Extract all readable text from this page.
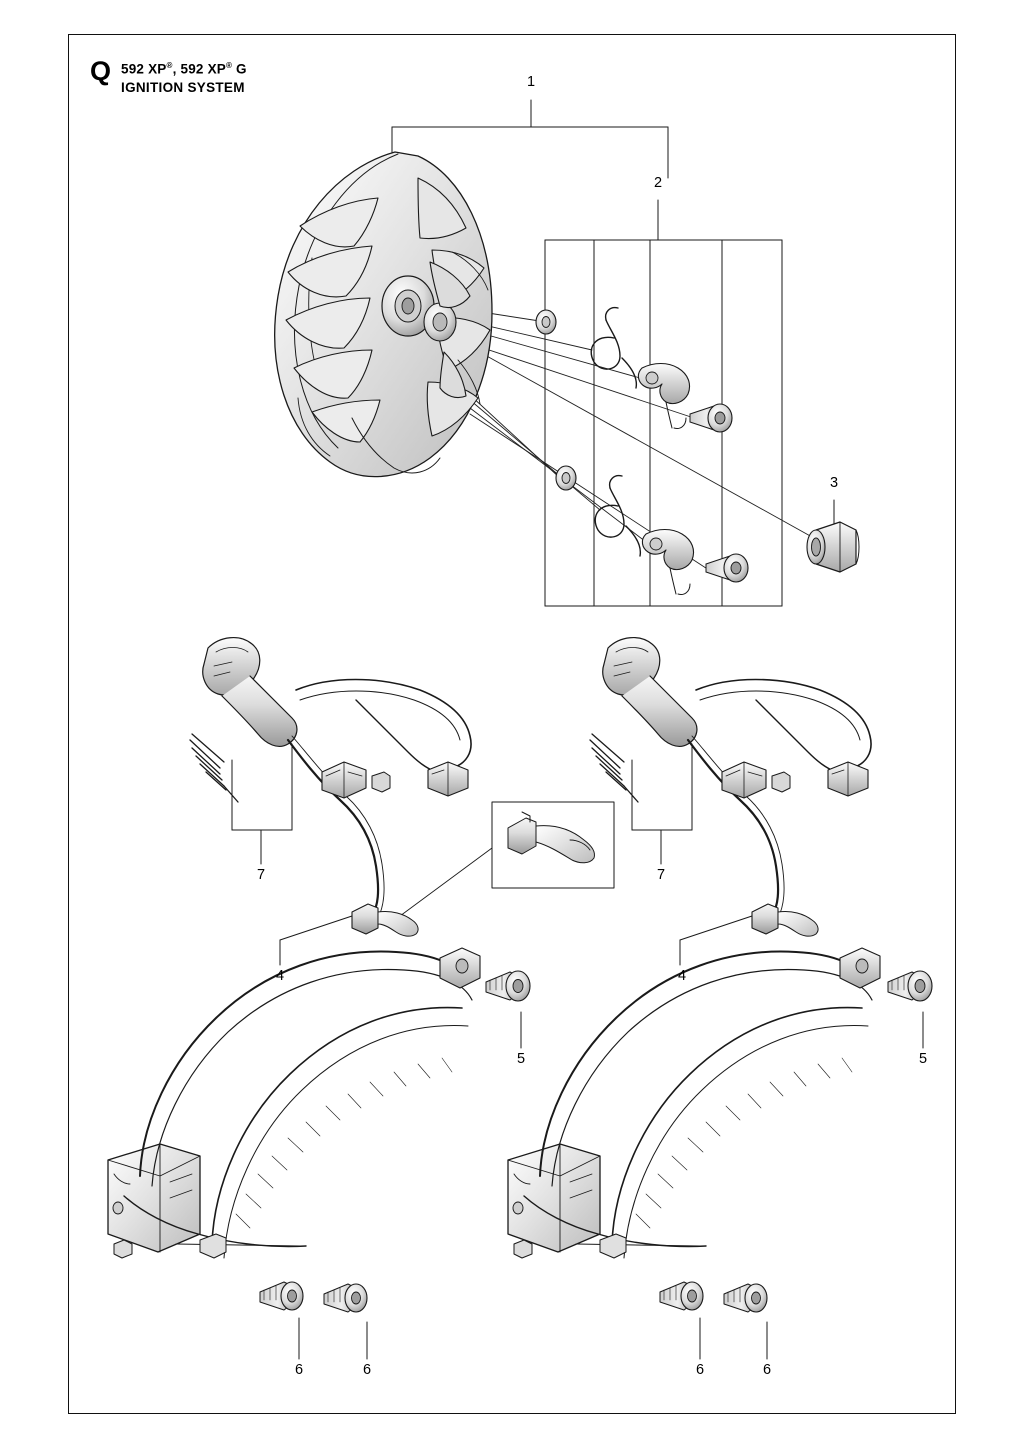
Q 592 XP®, 592 XP® G
IGNITION SYSTEM	1
2
3
7
4
5
6	6
7
4
5
6	6
